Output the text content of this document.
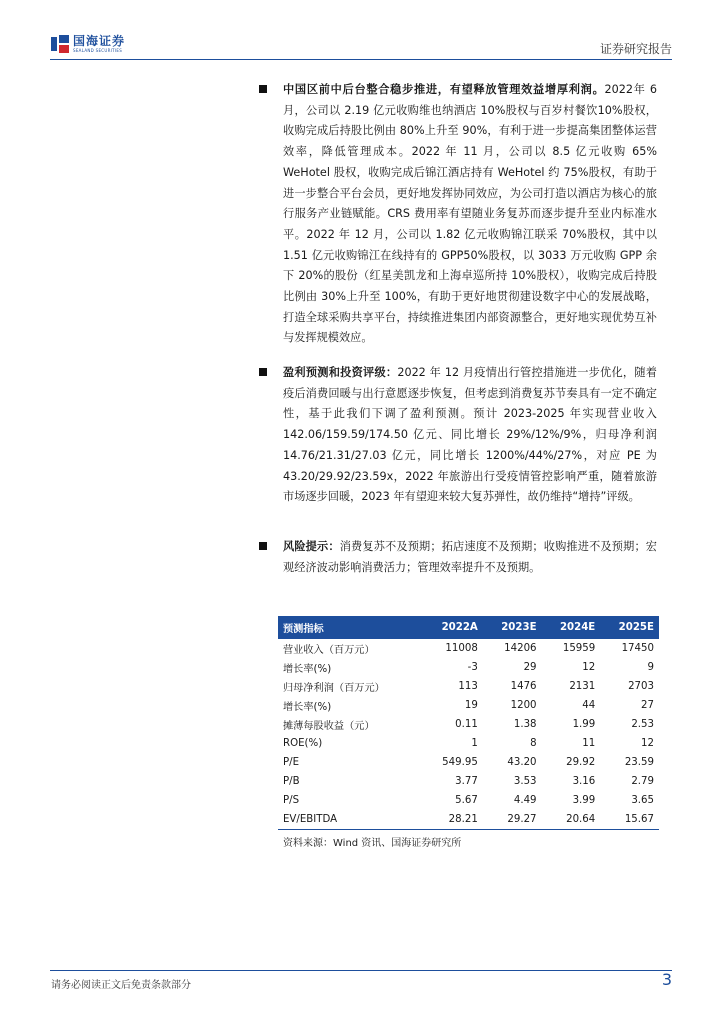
国海证券
SEALAND SECURITIES	证券研究报告
中国区前中后台整合稳步推进，有望释放管理效益增厚利润。2022年 6 月，公司以 2.19 亿元收购维也纳酒店 10%股权与百岁村餐饮10%股权，收购完成后持股比例由 80%上升至 90%，有利于进一步提高集团整体运营效率，降低管理成本。2022 年 11 月，公司以 8.5 亿元收购 65% WeHotel 股权，收购完成后锦江酒店持有 WeHotel 约 75%股权，有助于进一步整合平台会员，更好地发挥协同效应，为公司打造以酒店为核心的旅行服务产业链赋能。CRS 费用率有望随业务复苏而逐步提升至业内标准水平。2022 年 12 月，公司以 1.82 亿元收购锦江联采 70%股权，其中以 1.51 亿元收购锦江在线持有的 GPP50%股权，以 3033 万元收购 GPP 余下 20%的股份（红星美凯龙和上海卓巡所持 10%股权），收购完成后持股比例由 30%上升至 100%，有助于更好地贯彻建设数字中心的发展战略，打造全球采购共享平台，持续推进集团内部资源整合，更好地实现优势互补与发挥规模效应。
盈利预测和投资评级：2022 年 12 月疫情出行管控措施进一步优化，随着疫后消费回暖与出行意愿逐步恢复，但考虑到消费复苏节奏具有一定不确定性，基于此我们下调了盈利预测。预计 2023-2025 年实现营业收入 142.06/159.59/174.50 亿元、同比增长 29%/12%/9%，归母净利润 14.76/21.31/27.03 亿元，同比增长 1200%/44%/27%，对应 PE 为 43.20/29.92/23.59x，2022 年旅游出行受疫情管控影响严重，随着旅游市场逐步回暖，2023 年有望迎来较大复苏弹性，故仍维持“增持”评级。
风险提示：消费复苏不及预期；拓店速度不及预期；收购推进不及预期；宏观经济波动影响消费活力；管理效率提升不及预期。
预测指标	2022A	2023E	2024E	2025E
营业收入（百万元）	11008	14206	15959	17450
增长率(%)	-3	29	12	9
归母净利润（百万元）	113	1476	2131	2703
增长率(%)	19	1200	44	27
摊薄每股收益（元）	0.11	1.38	1.99	2.53
ROE(%)	1	8	11	12
P/E	549.95	43.20	29.92	23.59
P/B	3.77	3.53	3.16	2.79
P/S	5.67	4.49	3.99	3.65
EV/EBITDA	28.21	29.27	20.64	15.67
资料来源：Wind 资讯、国海证券研究所
请务必阅读正文后免责条款部分	3
